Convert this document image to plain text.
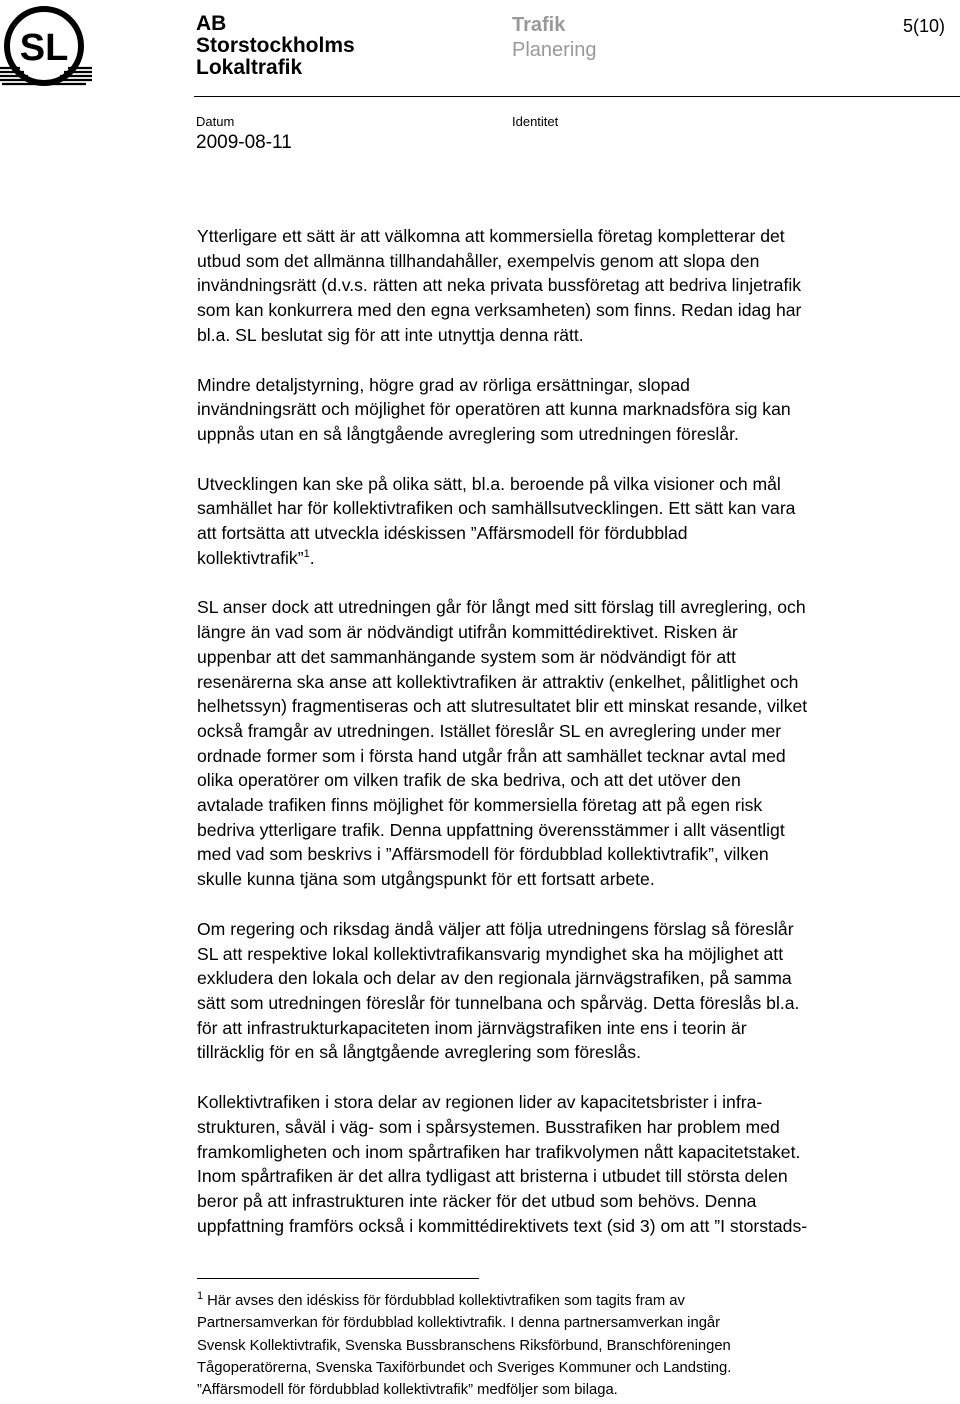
SL
AB
Storstockholms
Lokaltrafik
Trafik
Planering
5(10)
Datum	Identitet
2009-08-11

Ytterligare ett sätt är att välkomna att kommersiella företag kompletterar det
utbud som det allmänna tillhandahåller, exempelvis genom att slopa den
invändningsrätt (d.v.s. rätten att neka privata bussföretag att bedriva linjetrafik
som kan konkurrera med den egna verksamheten) som finns. Redan idag har
bl.a. SL beslutat sig för att inte utnyttja denna rätt.

Mindre detaljstyrning, högre grad av rörliga ersättningar, slopad
invändningsrätt och möjlighet för operatören att kunna marknadsföra sig kan
uppnås utan en så långtgående avreglering som utredningen föreslår.

Utvecklingen kan ske på olika sätt, bl.a. beroende på vilka visioner och mål
samhället har för kollektivtrafiken och samhällsutvecklingen. Ett sätt kan vara
att fortsätta att utveckla idéskissen ”Affärsmodell för fördubblad
kollektivtrafik”$^1$.

SL anser dock att utredningen går för långt med sitt förslag till avreglering, och
längre än vad som är nödvändigt utifrån kommittédirektivet. Risken är
uppenbar att det sammanhängande system som är nödvändigt för att
resenärerna ska anse att kollektivtrafiken är attraktiv (enkelhet, pålitlighet och
helhetssyn) fragmentiseras och att slutresultatet blir ett minskat resande, vilket
också framgår av utredningen. Istället föreslår SL en avreglering under mer
ordnade former som i första hand utgår från att samhället tecknar avtal med
olika operatörer om vilken trafik de ska bedriva, och att det utöver den
avtalade trafiken finns möjlighet för kommersiella företag att på egen risk
bedriva ytterligare trafik. Denna uppfattning överensstämmer i allt väsentligt
med vad som beskrivs i ”Affärsmodell för fördubblad kollektivtrafik”, vilken
skulle kunna tjäna som utgångspunkt för ett fortsatt arbete.

Om regering och riksdag ändå väljer att följa utredningens förslag så föreslår
SL att respektive lokal kollektivtrafikansvarig myndighet ska ha möjlighet att
exkludera den lokala och delar av den regionala järnvägstrafiken, på samma
sätt som utredningen föreslår för tunnelbana och spårväg. Detta föreslås bl.a.
för att infrastrukturkapaciteten inom järnvägstrafiken inte ens i teorin är
tillräcklig för en så långtgående avreglering som föreslås.

Kollektivtrafiken i stora delar av regionen lider av kapacitetsbrister i infra-
strukturen, såväl i väg- som i spårsystemen. Busstrafiken har problem med
framkomligheten och inom spårtrafiken har trafikvolymen nått kapacitetstaket.
Inom spårtrafiken är det allra tydligast att bristerna i utbudet till största delen
beror på att infrastrukturen inte räcker för det utbud som behövs. Denna
uppfattning framförs också i kommittédirektivets text (sid 3) om att ”I storstads-

$^1$ Här avses den idéskiss för fördubblad kollektivtrafiken som tagits fram av
Partnersamverkan för fördubblad kollektivtrafik. I denna partnersamverkan ingår
Svensk Kollektivtrafik, Svenska Bussbranschens Riksförbund, Branschföreningen
Tågoperatörerna, Svenska Taxiförbundet och Sveriges Kommuner och Landsting.
”Affärsmodell för fördubblad kollektivtrafik” medföljer som bilaga.
